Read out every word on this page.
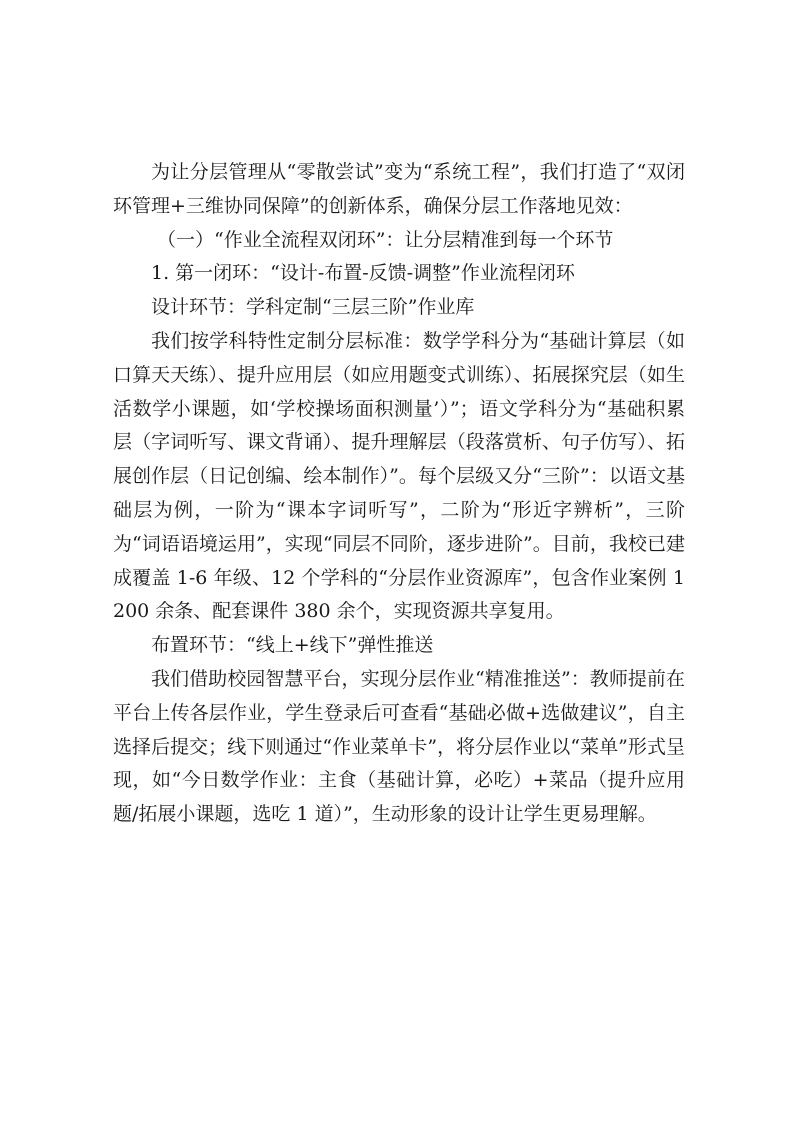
为让分层管理从“零散尝试”变为“系统工程”，我们打造了“双闭环管理+三维协同保障”的创新体系，确保分层工作落地见效：

（一）“作业全流程双闭环”：让分层精准到每一个环节

1. 第一闭环：“设计-布置-反馈-调整”作业流程闭环

设计环节：学科定制“三层三阶”作业库

我们按学科特性定制分层标准：数学学科分为“基础计算层（如口算天天练）、提升应用层（如应用题变式训练）、拓展探究层（如生活数学小课题，如‘学校操场面积测量’）”；语文学科分为“基础积累层（字词听写、课文背诵）、提升理解层（段落赏析、句子仿写）、拓展创作层（日记创编、绘本制作）”。每个层级又分“三阶”：以语文基础层为例，一阶为“课本字词听写”，二阶为“形近字辨析”，三阶为“词语语境运用”，实现“同层不同阶，逐步进阶”。目前，我校已建成覆盖 1-6 年级、12 个学科的“分层作业资源库”，包含作业案例 1200 余条、配套课件 380 余个，实现资源共享复用。

布置环节：“线上+线下”弹性推送

我们借助校园智慧平台，实现分层作业“精准推送”：教师提前在平台上传各层作业，学生登录后可查看“基础必做+选做建议”，自主选择后提交；线下则通过“作业菜单卡”，将分层作业以“菜单”形式呈现，如“今日数学作业：主食（基础计算，必吃）+菜品（提升应用题/拓展小课题，选吃 1 道）”，生动形象的设计让学生更易理解。
